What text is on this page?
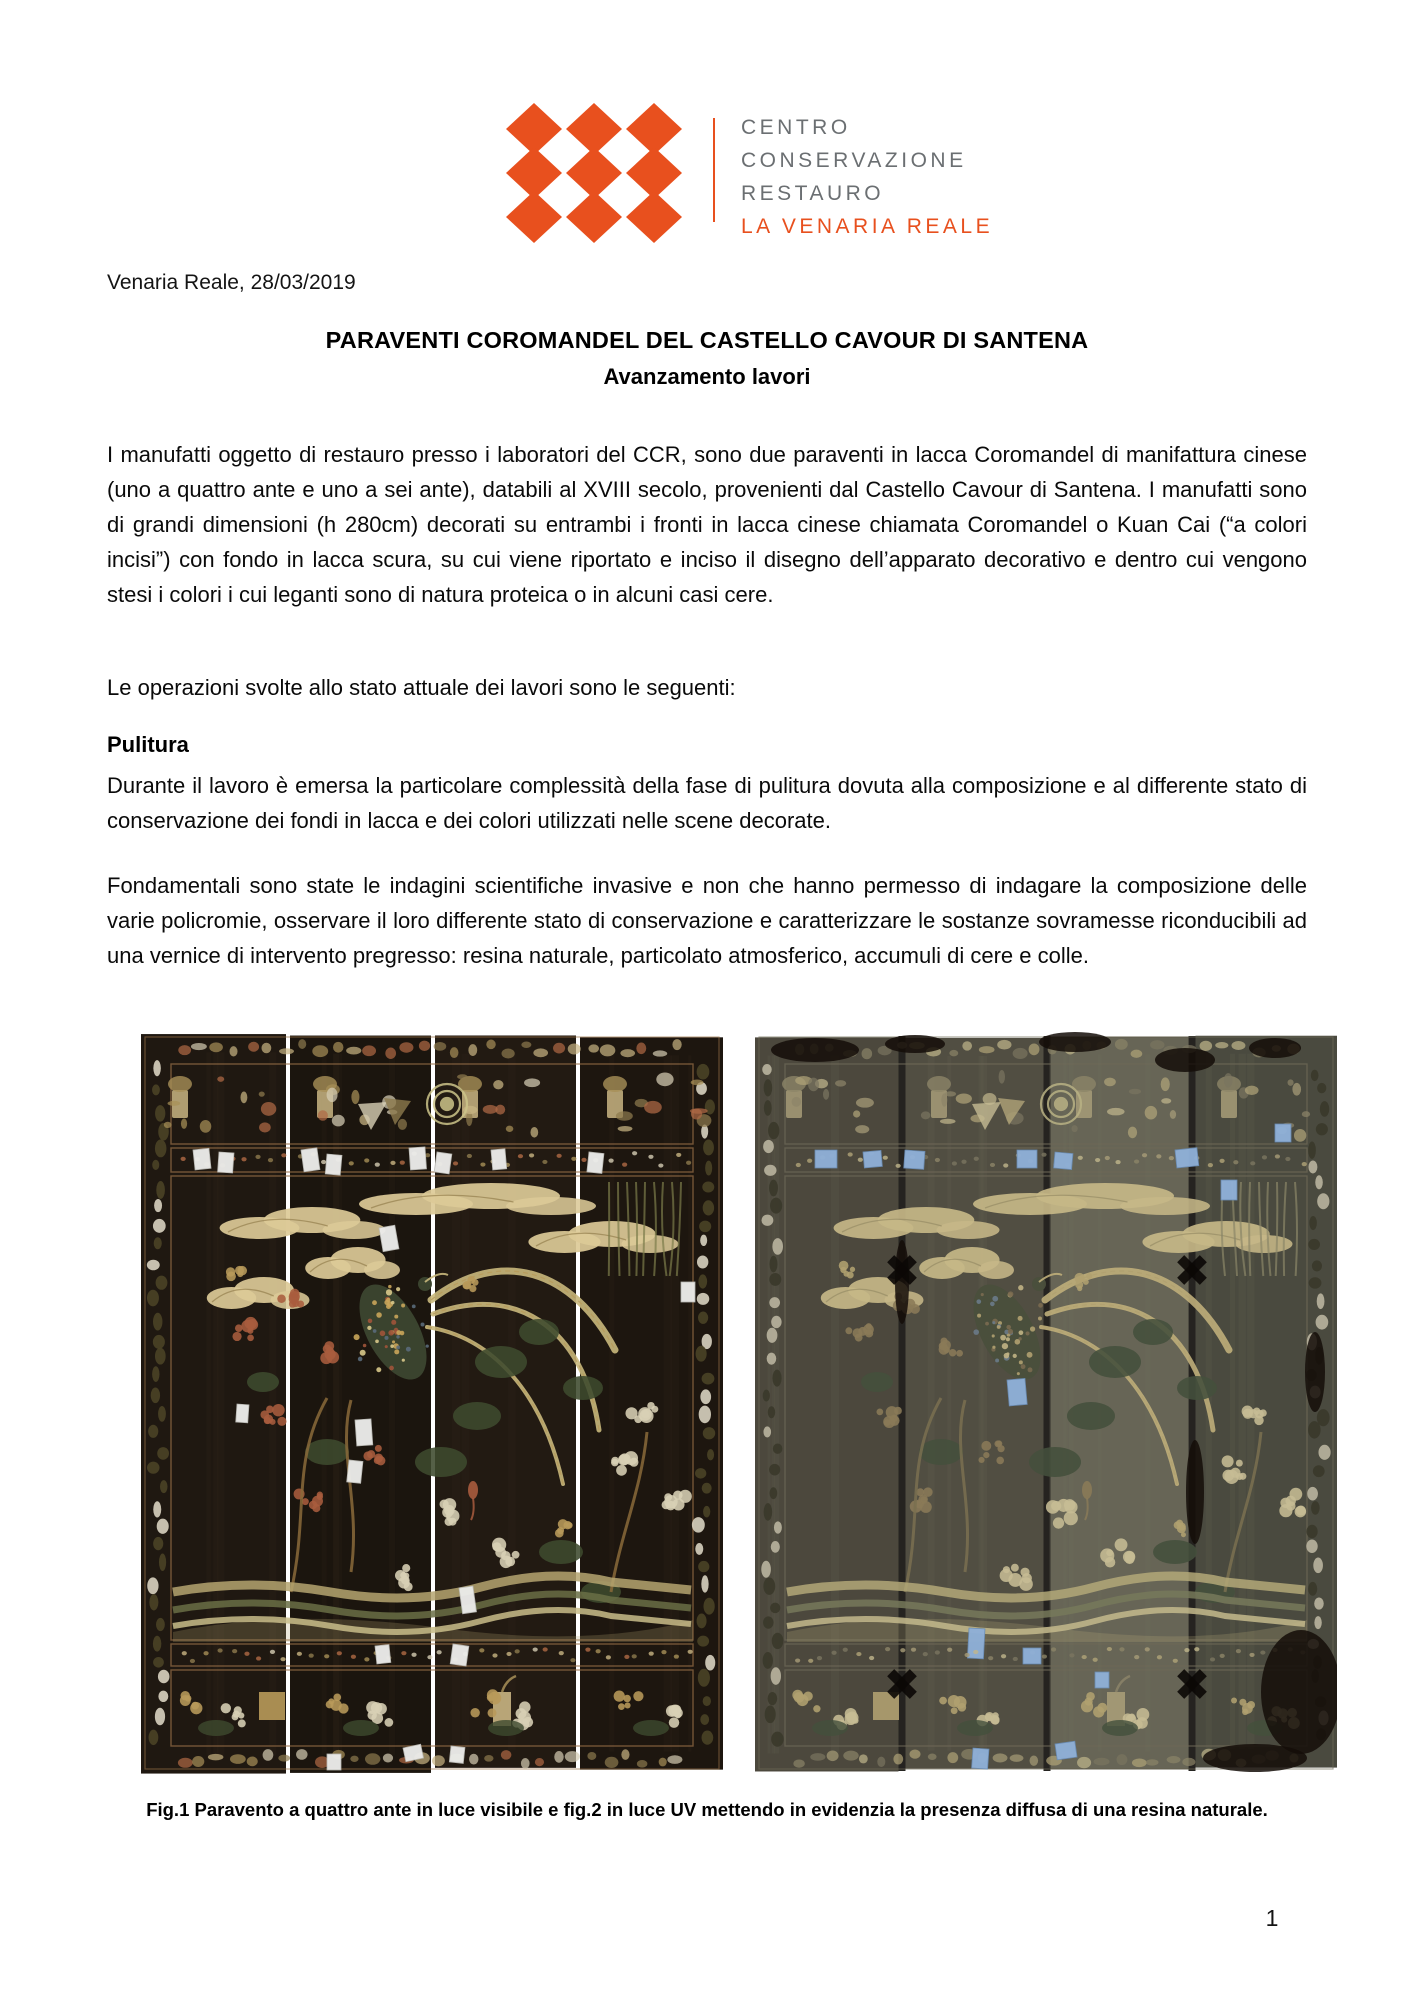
CENTRO
CONSERVAZIONE
RESTAURO
LA VENARIA REALE
Venaria Reale, 28/03/2019
PARAVENTI COROMANDEL DEL CASTELLO CAVOUR DI SANTENA
Avanzamento lavori

I manufatti oggetto di restauro presso i laboratori del CCR, sono due paraventi in lacca Coromandel di manifattura cinese (uno a quattro ante e uno a sei ante), databili al XVIII secolo, provenienti dal Castello Cavour di Santena. I manufatti sono di grandi dimensioni (h 280cm) decorati su entrambi i fronti in lacca cinese chiamata Coromandel o Kuan Cai (“a colori incisi”) con fondo in lacca scura, su cui viene riportato e inciso il disegno dell’apparato decorativo e dentro cui vengono stesi i colori i cui leganti sono di natura proteica o in alcuni casi cere.

Le operazioni svolte allo stato attuale dei lavori sono le seguenti:

Pulitura

Durante il lavoro è emersa la particolare complessità della fase di pulitura dovuta alla composizione e al differente stato di conservazione dei fondi in lacca e dei colori utilizzati nelle scene decorate.

Fondamentali sono state le indagini scientifiche invasive e non che hanno permesso di indagare la composizione delle varie policromie, osservare il loro differente stato di conservazione e caratterizzare le sostanze sovramesse riconducibili ad una vernice di intervento pregresso: resina naturale, particolato atmosferico, accumuli di cere e colle.

Fig.1 Paravento a quattro ante in luce visibile e fig.2 in luce UV mettendo in evidenzia la presenza diffusa di una resina naturale.
1
